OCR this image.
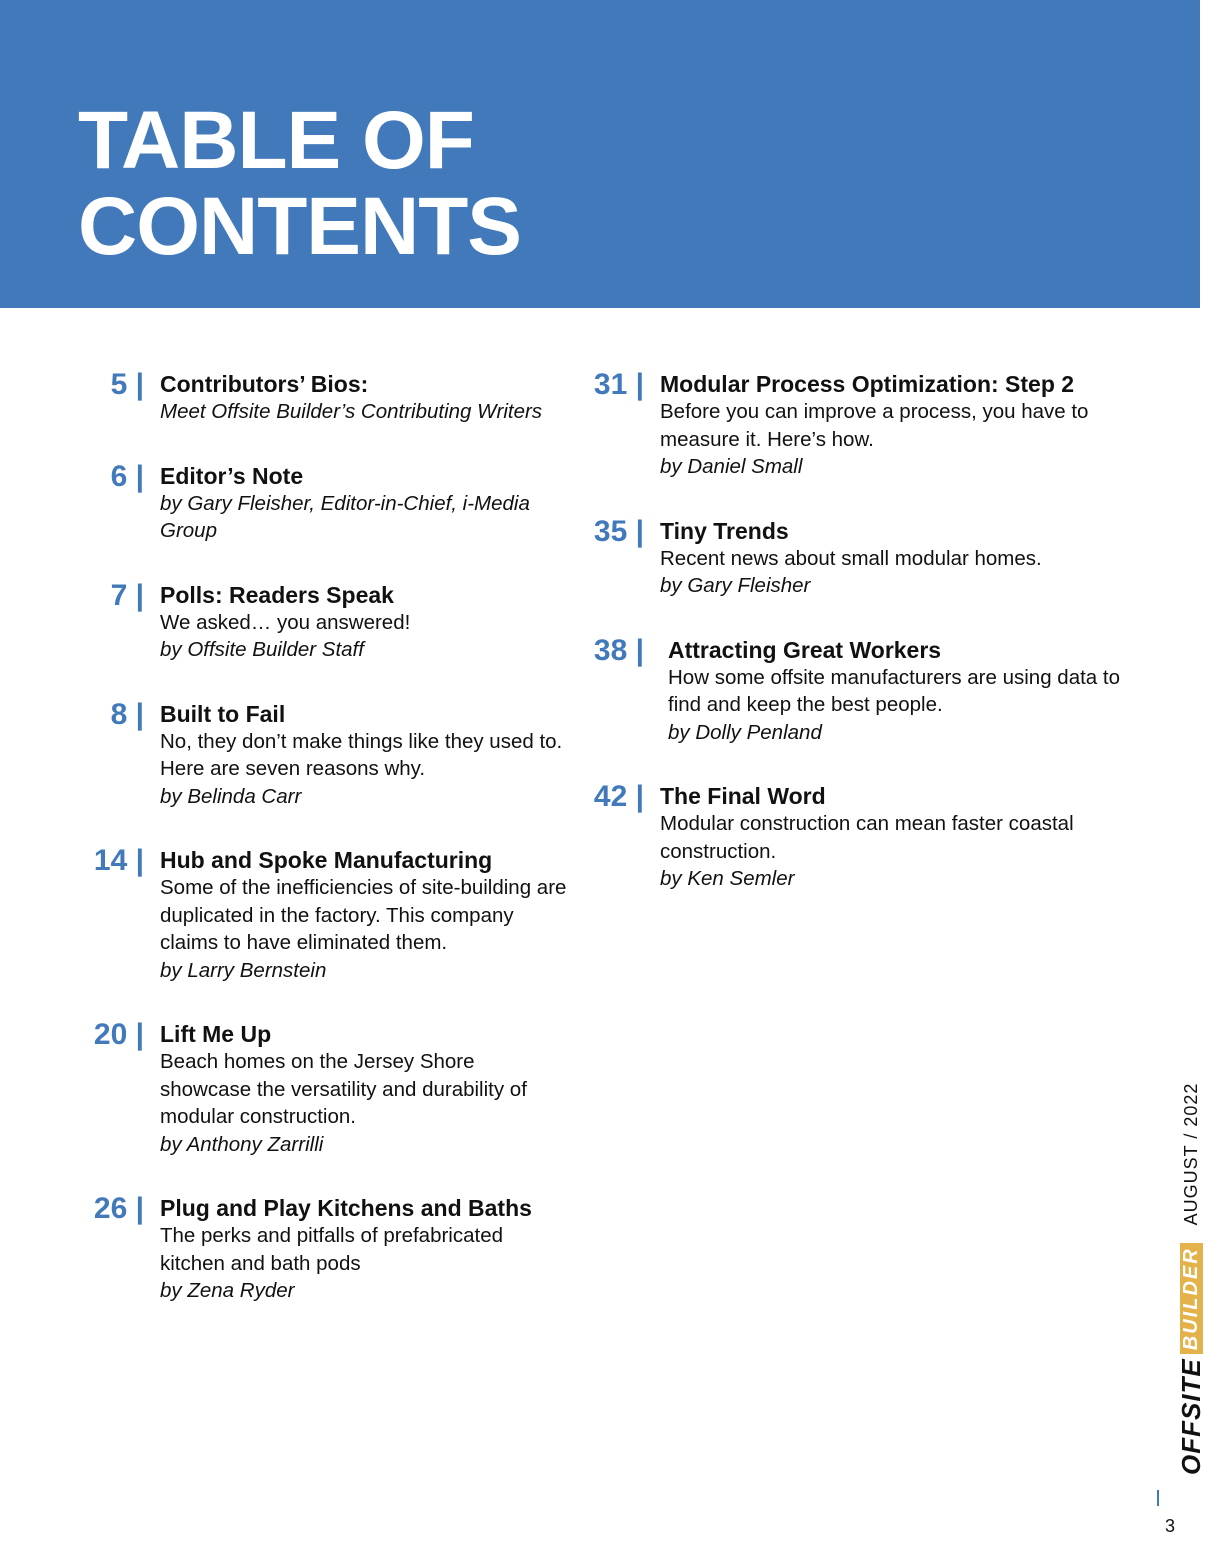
TABLE OF
CONTENTS
5 | Contributors’ Bios:
Meet Offsite Builder’s Contributing Writers
6 | Editor’s Note
by Gary Fleisher, Editor-in-Chief, i-Media Group
7 | Polls: Readers Speak
We asked… you answered!
by Offsite Builder Staff
8 | Built to Fail
No, they don’t make things like they used to. Here are seven reasons why.
by Belinda Carr
14 | Hub and Spoke Manufacturing
Some of the inefficiencies of site-building are duplicated in the factory. This company claims to have eliminated them.
by Larry Bernstein
20 | Lift Me Up
Beach homes on the Jersey Shore showcase the versatility and durability of modular construction.
by Anthony Zarrilli
26 | Plug and Play Kitchens and Baths
The perks and pitfalls of prefabricated kitchen and bath pods
by Zena Ryder
31 | Modular Process Optimization: Step 2
Before you can improve a process, you have to measure it. Here’s how.
by Daniel Small
35 | Tiny Trends
Recent news about small modular homes.
by Gary Fleisher
38 | Attracting Great Workers
How some offsite manufacturers are using data to find and keep the best people.
by Dolly Penland
42 | The Final Word
Modular construction can mean faster coastal construction.
by Ken Semler
OFFSITE
BUILDER
AUGUST / 2022
3
